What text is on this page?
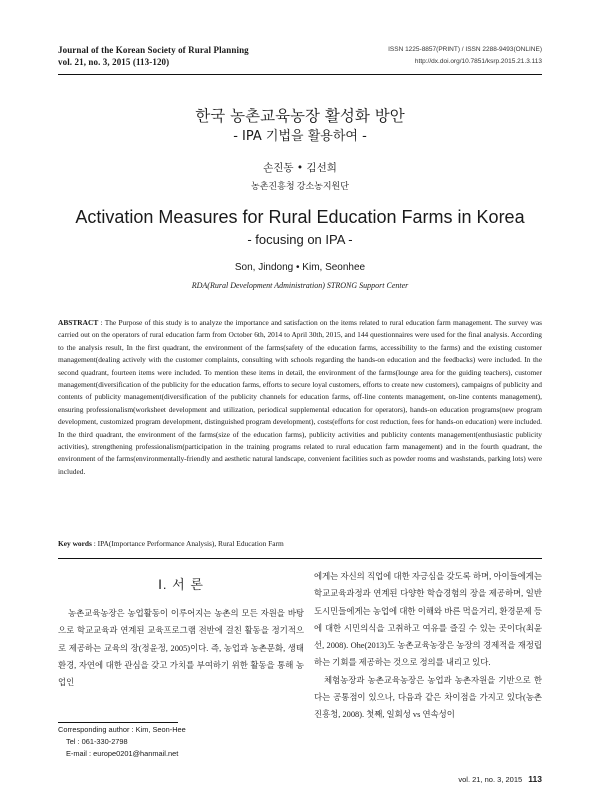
Journal of the Korean Society of Rural Planning
vol. 21, no. 3, 2015 (113-120)
ISSN 1225-8857(PRINT) / ISSN 2288-9493(ONLINE)
http://dx.doi.org/10.7851/ksrp.2015.21.3.113
한국 농촌교육농장 활성화 방안
- IPA 기법을 활용하여 -
손진동 • 김선희
농촌진흥청 강소농지원단
Activation Measures for Rural Education Farms in Korea
- focusing on IPA -
Son, Jindong • Kim, Seonhee
RDA(Rural Development Administration) STRONG Support Center
ABSTRACT : The Purpose of this study is to analyze the importance and satisfaction on the items related to rural education farm management. The survey was carried out on the operators of rural education farm from October 6th, 2014 to April 30th, 2015, and 144 questionnaires were used for the final analysis. According to the analysis result, In the first quadrant, the environment of the farms(safety of the education farms, accessibility to the farms) and the existing customer management(dealing actively with the customer complaints, consulting with schools regarding the hands-on education and the feedbacks) were included. In the second quadrant, fourteen items were included. To mention these items in detail, the environment of the farms(lounge area for the guiding teachers), customer management(diversification of the publicity for the education farms, efforts to secure loyal customers, efforts to create new customers), campaigns of publicity and contents of publicity management(diversification of the publicity channels for education farms, off-line contents management, on-line contents management), ensuring professionalism(worksheet development and utilization, periodical supplemental education for operators), hands-on education programs(new program development, customized program development, distinguished program development), costs(efforts for cost reduction, fees for hands-on education) were included. In the third quadrant, the environment of the farms(size of the education farms), publicity activities and publicity contents management(enthusiastic publicity activities), strengthening professionalism(participation in the training programs related to rural education farm management) and in the fourth quadrant, the environment of the farms(environmentally-friendly and aesthetic natural landscape, convenient facilities such as powder rooms and washstands, parking lots) were included.
Key words : IPA(Importance Performance Analysis), Rural Education Farm
Ⅰ. 서 론

농촌교육농장은 농업활동이 이루어지는 농촌의 모든 자원을 바탕으로 학교교육과 연계된 교육프로그램 전반에 걸친 활동을 정기적으로 제공하는 교육의 장(정윤정, 2005)이다. 즉, 농업과 농촌문화, 생태환경, 자연에 대한 관심을 갖고 가치를 부여하기 위한 활동을 통해 농업인

에게는 자신의 직업에 대한 자긍심을 갖도록 하며, 아이들에게는 학교교육과정과 연계된 다양한 학습경험의 장을 제공하며, 일반 도시민들에게는 농업에 대한 이해와 바른 먹을거리, 환경문제 등에 대한 시민의식을 고취하고 여유를 즐길 수 있는 곳이다(최윤선, 2008). Ohe(2013)도 농촌교육농장은 농장의 경제적을 재정립하는 기회를 제공하는 것으로 정의를 내리고 있다.

체험농장과 농촌교육농장은 농업과 농촌자원을 기반으로 한다는 공통점이 있으나, 다음과 같은 차이점을 가지고 있다(농촌진흥청, 2008). 첫째, 일회성 vs 연속성이

Corresponding author : Kim, Seon-Hee
Tel : 061-330-2798
E-mail : europe0201@hanmail.net
vol. 21, no. 3, 2015 113
